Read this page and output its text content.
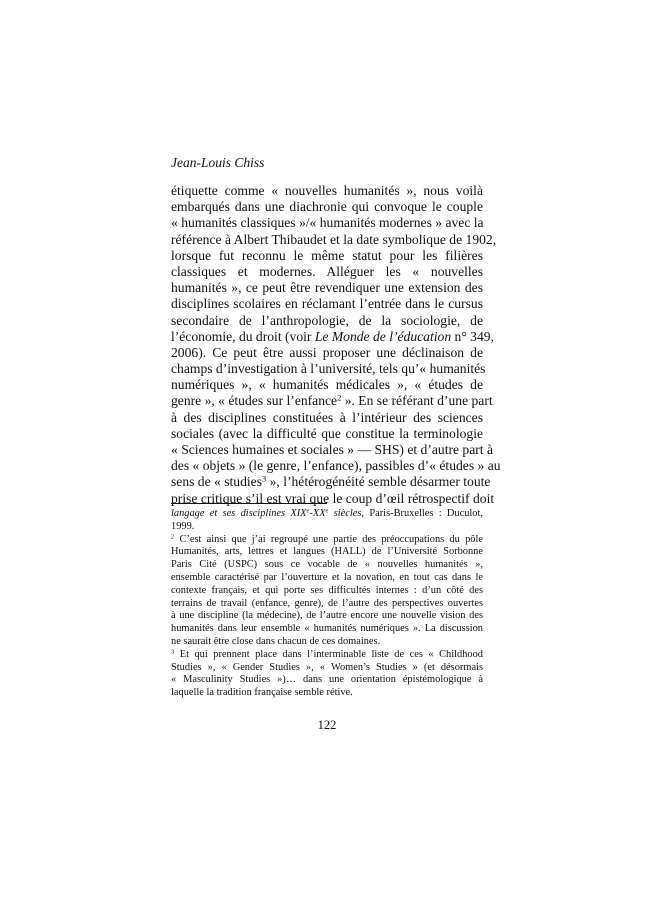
Jean-Louis Chiss
étiquette comme « nouvelles humanités », nous voilà
embarqués dans une diachronie qui convoque le couple
« humanités classiques »/« humanités modernes » avec la
référence à Albert Thibaudet et la date symbolique de 1902,
lorsque fut reconnu le même statut pour les filières
classiques et modernes. Alléguer les « nouvelles
humanités », ce peut être revendiquer une extension des
disciplines scolaires en réclamant l’entrée dans le cursus
secondaire de l’anthropologie, de la sociologie, de
l’économie, du droit (voir Le Monde de l’éducation n° 349,
2006). Ce peut être aussi proposer une déclinaison de
champs d’investigation à l’université, tels qu’« humanités
numériques », « humanités médicales », « études de
genre », « études sur l’enfance$^2$ ». En se référant d’une part
à des disciplines constituées à l’intérieur des sciences
sociales (avec la difficulté que constitue la terminologie
« Sciences humaines et sociales » — SHS) et d’autre part à
des « objets » (le genre, l’enfance), passibles d’« études » au
sens de « studies$^3$ », l’hétérogénéité semble désarmer toute
prise critique s’il est vrai que le coup d’œil rétrospectif doit
langage et ses disciplines XIXe-XXe siècles, Paris-Bruxelles : Duculot,
1999.
$^2$ C’est ainsi que j’ai regroupé une partie des préoccupations du pôle
Humanités, arts, lettres et langues (HALL) de l’Université Sorbonne
Paris Cité (USPC) sous ce vocable de « nouvelles humanités »,
ensemble caractérisé par l’ouverture et la novation, en tout cas dans le
contexte français, et qui porte ses difficultés internes : d’un côté des
terrains de travail (enfance, genre), de l’autre des perspectives ouvertes
à une discipline (la médecine), de l’autre encore une nouvelle vision des
humanités dans leur ensemble « humanités numériques ». La discussion
ne saurait être close dans chacun de ces domaines.
$^3$ Et qui prennent place dans l’interminable liste de ces « Childhood
Studies », « Gender Studies », « Women’s Studies » (et désormais
« Masculinity Studies »)… dans une orientation épistémologique à
laquelle la tradition française semble rétive.
122
